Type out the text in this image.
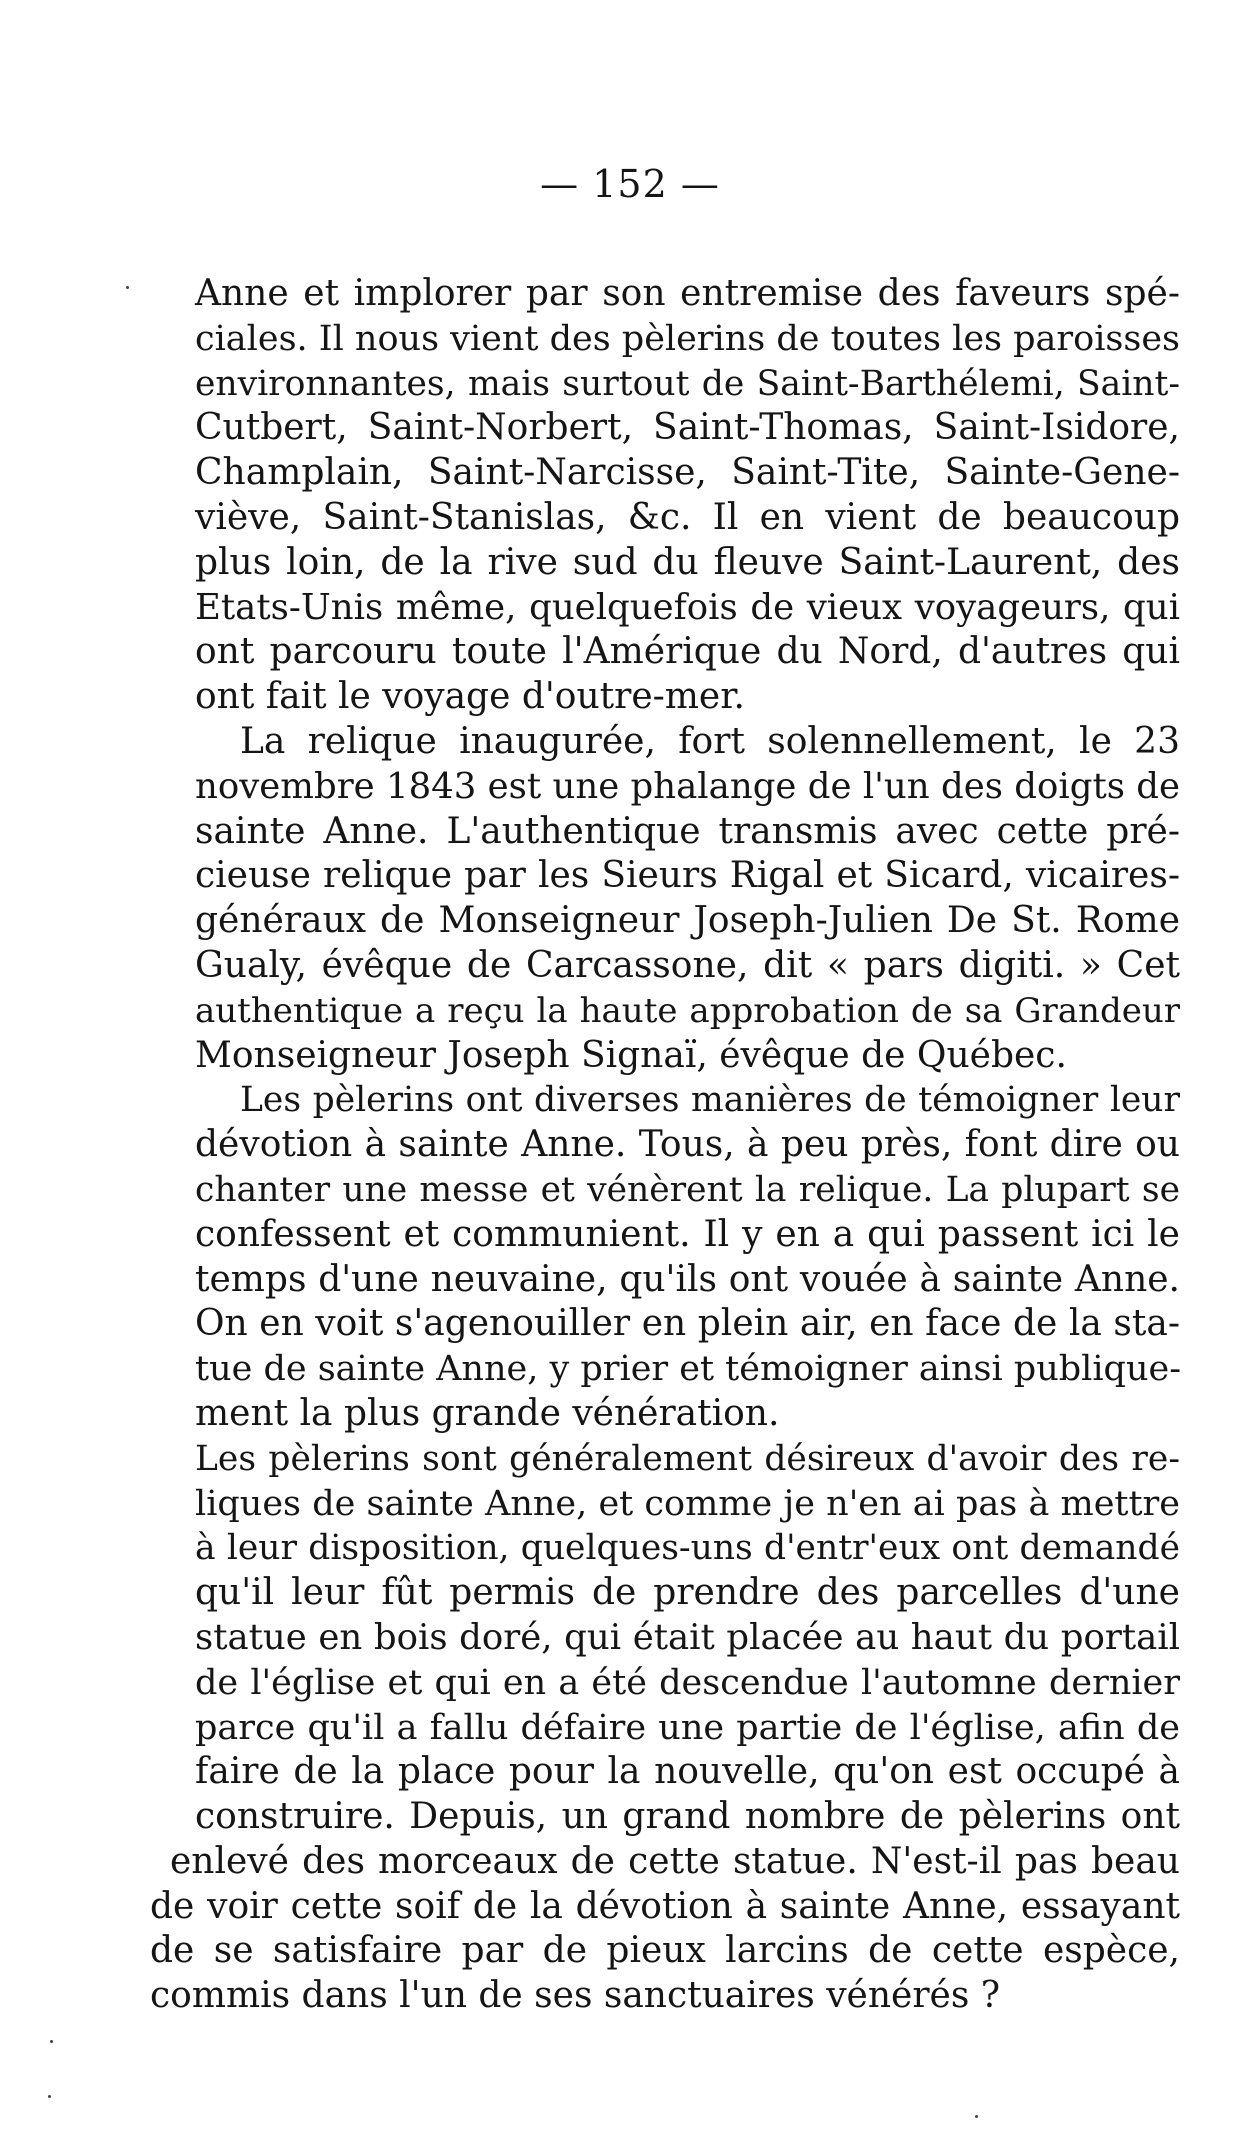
— 152 —
Anne et implorer par son entremise des faveurs spé-
ciales. Il nous vient des pèlerins de toutes les paroisses
environnantes, mais surtout de Saint-Barthélemi, Saint-
Cutbert, Saint-Norbert, Saint-Thomas, Saint-Isidore,
Champlain, Saint-Narcisse, Saint-Tite, Sainte-Gene-
viève, Saint-Stanislas, &c. Il en vient de beaucoup
plus loin, de la rive sud du fleuve Saint-Laurent, des
Etats-Unis même, quelquefois de vieux voyageurs, qui
ont parcouru toute l'Amérique du Nord, d'autres qui
ont fait le voyage d'outre-mer.
La relique inaugurée, fort solennellement, le 23
novembre 1843 est une phalange de l'un des doigts de
sainte Anne. L'authentique transmis avec cette pré-
cieuse relique par les Sieurs Rigal et Sicard, vicaires-
généraux de Monseigneur Joseph-Julien De St. Rome
Gualy, évêque de Carcassone, dit « pars digiti. » Cet
authentique a reçu la haute approbation de sa Grandeur
Monseigneur Joseph Signaï, évêque de Québec.
Les pèlerins ont diverses manières de témoigner leur
dévotion à sainte Anne. Tous, à peu près, font dire ou
chanter une messe et vénèrent la relique. La plupart se
confessent et communient. Il y en a qui passent ici le
temps d'une neuvaine, qu'ils ont vouée à sainte Anne.
On en voit s'agenouiller en plein air, en face de la sta-
tue de sainte Anne, y prier et témoigner ainsi publique-
ment la plus grande vénération.
Les pèlerins sont généralement désireux d'avoir des re-
liques de sainte Anne, et comme je n'en ai pas à mettre
à leur disposition, quelques-uns d'entr'eux ont demandé
qu'il leur fût permis de prendre des parcelles d'une
statue en bois doré, qui était placée au haut du portail
de l'église et qui en a été descendue l'automne dernier
parce qu'il a fallu défaire une partie de l'église, afin de
faire de la place pour la nouvelle, qu'on est occupé à
construire. Depuis, un grand nombre de pèlerins ont
enlevé des morceaux de cette statue. N'est-il pas beau
de voir cette soif de la dévotion à sainte Anne, essayant
de se satisfaire par de pieux larcins de cette espèce,
commis dans l'un de ses sanctuaires vénérés ?
